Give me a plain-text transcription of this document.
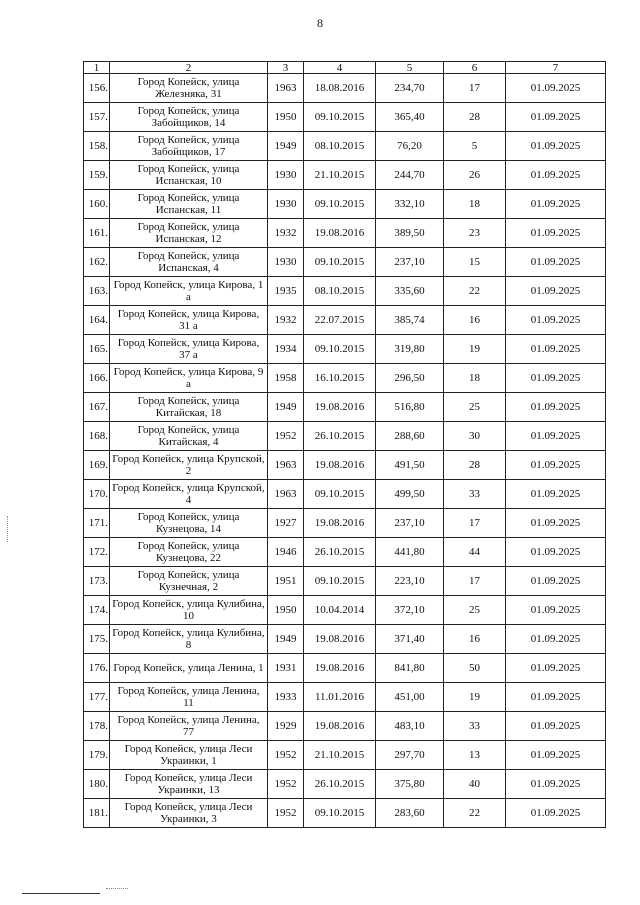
8
1	2	3	4	5	6	7
156.	Город Копейск, улица Железняка, 31	1963	18.08.2016	234,70	17	01.09.2025
157.	Город Копейск, улица Забойщиков, 14	1950	09.10.2015	365,40	28	01.09.2025
158.	Город Копейск, улица Забойщиков, 17	1949	08.10.2015	76,20	5	01.09.2025
159.	Город Копейск, улица Испанская, 10	1930	21.10.2015	244,70	26	01.09.2025
160.	Город Копейск, улица Испанская, 11	1930	09.10.2015	332,10	18	01.09.2025
161.	Город Копейск, улица Испанская, 12	1932	19.08.2016	389,50	23	01.09.2025
162.	Город Копейск, улица Испанская, 4	1930	09.10.2015	237,10	15	01.09.2025
163.	Город Копейск, улица Кирова, 1 а	1935	08.10.2015	335,60	22	01.09.2025
164.	Город Копейск, улица Кирова, 31 а	1932	22.07.2015	385,74	16	01.09.2025
165.	Город Копейск, улица Кирова, 37 а	1934	09.10.2015	319,80	19	01.09.2025
166.	Город Копейск, улица Кирова, 9 а	1958	16.10.2015	296,50	18	01.09.2025
167.	Город Копейск, улица Китайская, 18	1949	19.08.2016	516,80	25	01.09.2025
168.	Город Копейск, улица Китайская, 4	1952	26.10.2015	288,60	30	01.09.2025
169.	Город Копейск, улица Крупской, 2	1963	19.08.2016	491,50	28	01.09.2025
170.	Город Копейск, улица Крупской, 4	1963	09.10.2015	499,50	33	01.09.2025
171.	Город Копейск, улица Кузнецова, 14	1927	19.08.2016	237,10	17	01.09.2025
172.	Город Копейск, улица Кузнецова, 22	1946	26.10.2015	441,80	44	01.09.2025
173.	Город Копейск, улица Кузнечная, 2	1951	09.10.2015	223,10	17	01.09.2025
174.	Город Копейск, улица Кулибина, 10	1950	10.04.2014	372,10	25	01.09.2025
175.	Город Копейск, улица Кулибина, 8	1949	19.08.2016	371,40	16	01.09.2025
176.	Город Копейск, улица Ленина, 1	1931	19.08.2016	841,80	50	01.09.2025
177.	Город Копейск, улица Ленина, 11	1933	11.01.2016	451,00	19	01.09.2025
178.	Город Копейск, улица Ленина, 77	1929	19.08.2016	483,10	33	01.09.2025
179.	Город Копейск, улица Леси Украинки, 1	1952	21.10.2015	297,70	13	01.09.2025
180.	Город Копейск, улица Леси Украинки, 13	1952	26.10.2015	375,80	40	01.09.2025
181.	Город Копейск, улица Леси Украинки, 3	1952	09.10.2015	283,60	22	01.09.2025
